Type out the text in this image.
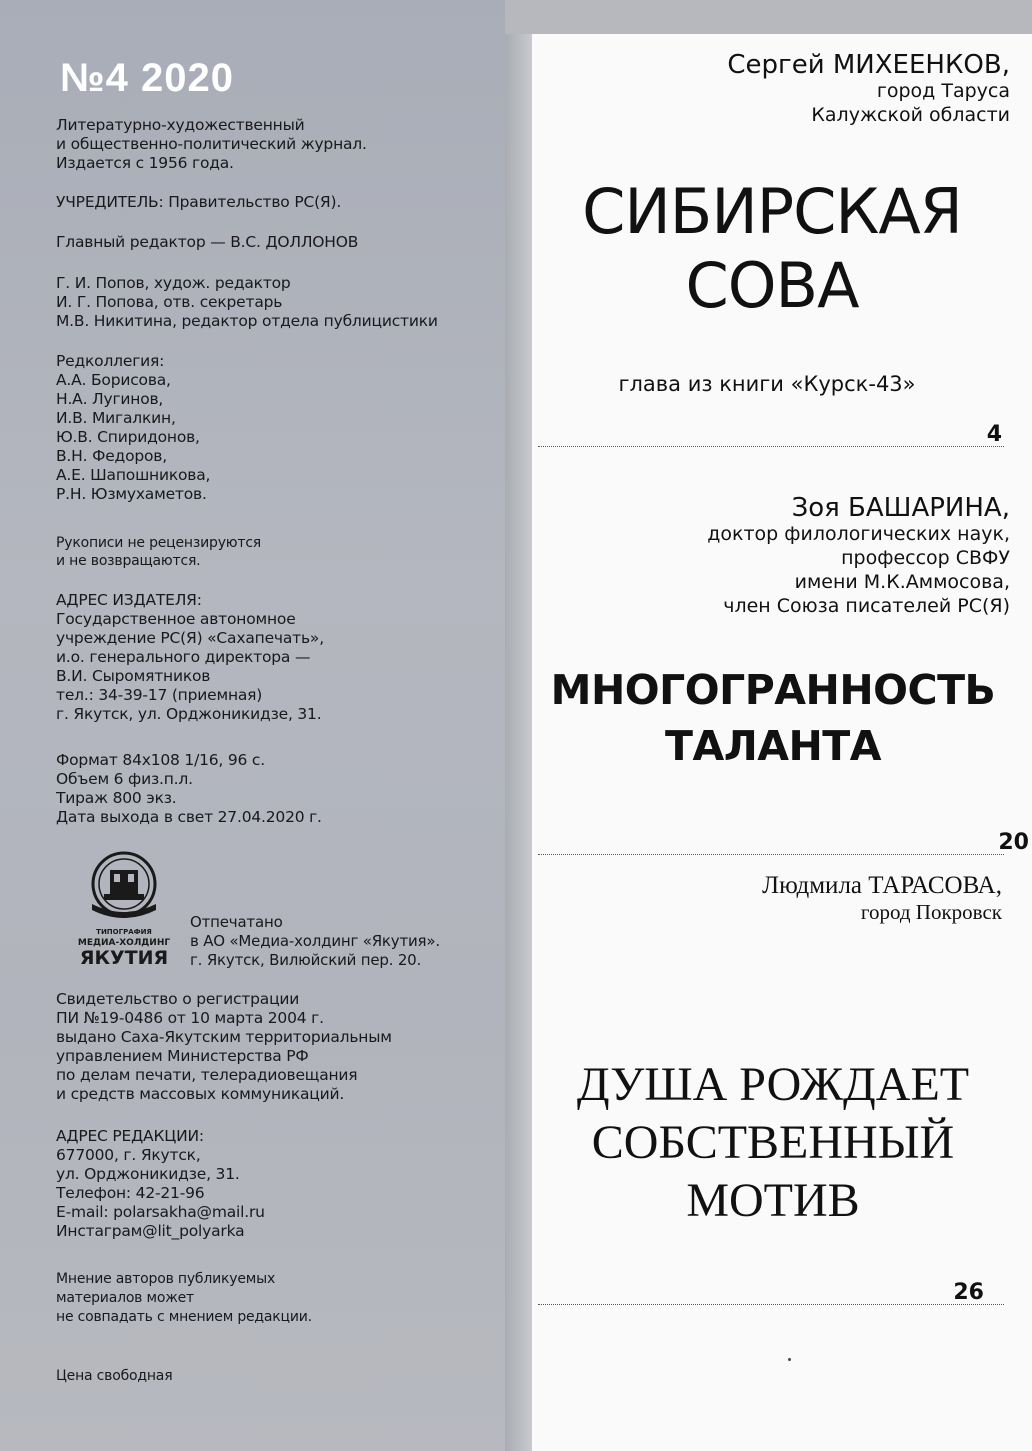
№4 2020

Литературно-художественный
и общественно-политический журнал.
Издается с 1956 года.

УЧРЕДИТЕЛЬ: Правительство РС(Я).

Главный редактор — В.С. ДОЛЛОНОВ

Г. И. Попов, худож. редактор
И. Г. Попова, отв. секретарь
М.В. Никитина, редактор отдела публицистики

Редколлегия:
А.А. Борисова,
Н.А. Лугинов,
И.В. Мигалкин,
Ю.В. Спиридонов,
В.Н. Федоров,
А.Е. Шапошникова,
Р.Н. Юзмухаметов.

Рукописи не рецензируются
и не возвращаются.

АДРЕС ИЗДАТЕЛЯ:
Государственное автономное
учреждение РС(Я) «Сахапечать»,
и.о. генерального директора —
В.И. Сыромятников
тел.: 34-39-17 (приемная)
г. Якутск, ул. Орджоникидзе, 31.

Формат 84х108 1/16, 96 с.
Объем 6 физ.п.л.
Тираж 800 экз.
Дата выхода в свет 27.04.2020 г.

ТИПОГРАФИЯ
МЕДИА-ХОЛДИНГ
ЯКУТИЯ

Отпечатано
в АО «Медиа-холдинг «Якутия».
г. Якутск, Вилюйский пер. 20.

Свидетельство о регистрации
ПИ №19-0486 от 10 марта 2004 г.
выдано Саха-Якутским территориальным
управлением Министерства РФ
по делам печати, телерадиовещания
и средств массовых коммуникаций.

АДРЕС РЕДАКЦИИ:
677000, г. Якутск,
ул. Орджоникидзе, 31.
Телефон: 42-21-96
E-mail: polarsakha@mail.ru
Инстаграм@lit_polyarka

Мнение авторов публикуемых
материалов может
не совпадать с мнением редакции.

Цена свободная

Сергей МИХЕЕНКОВ,

город Таруса
Калужской области

СИБИРСКАЯ
СОВА

глава из книги «Курск-43»

4

Зоя БАШАРИНА,

доктор филологических наук,
профессор СВФУ
имени М.К.Аммосова,
член Союза писателей РС(Я)

МНОГОГРАННОСТЬ
ТАЛАНТА

20

Людмила ТАРАСОВА,

город Покровск

ДУША РОЖДАЕТ
СОБСТВЕННЫЙ
МОТИВ

26
